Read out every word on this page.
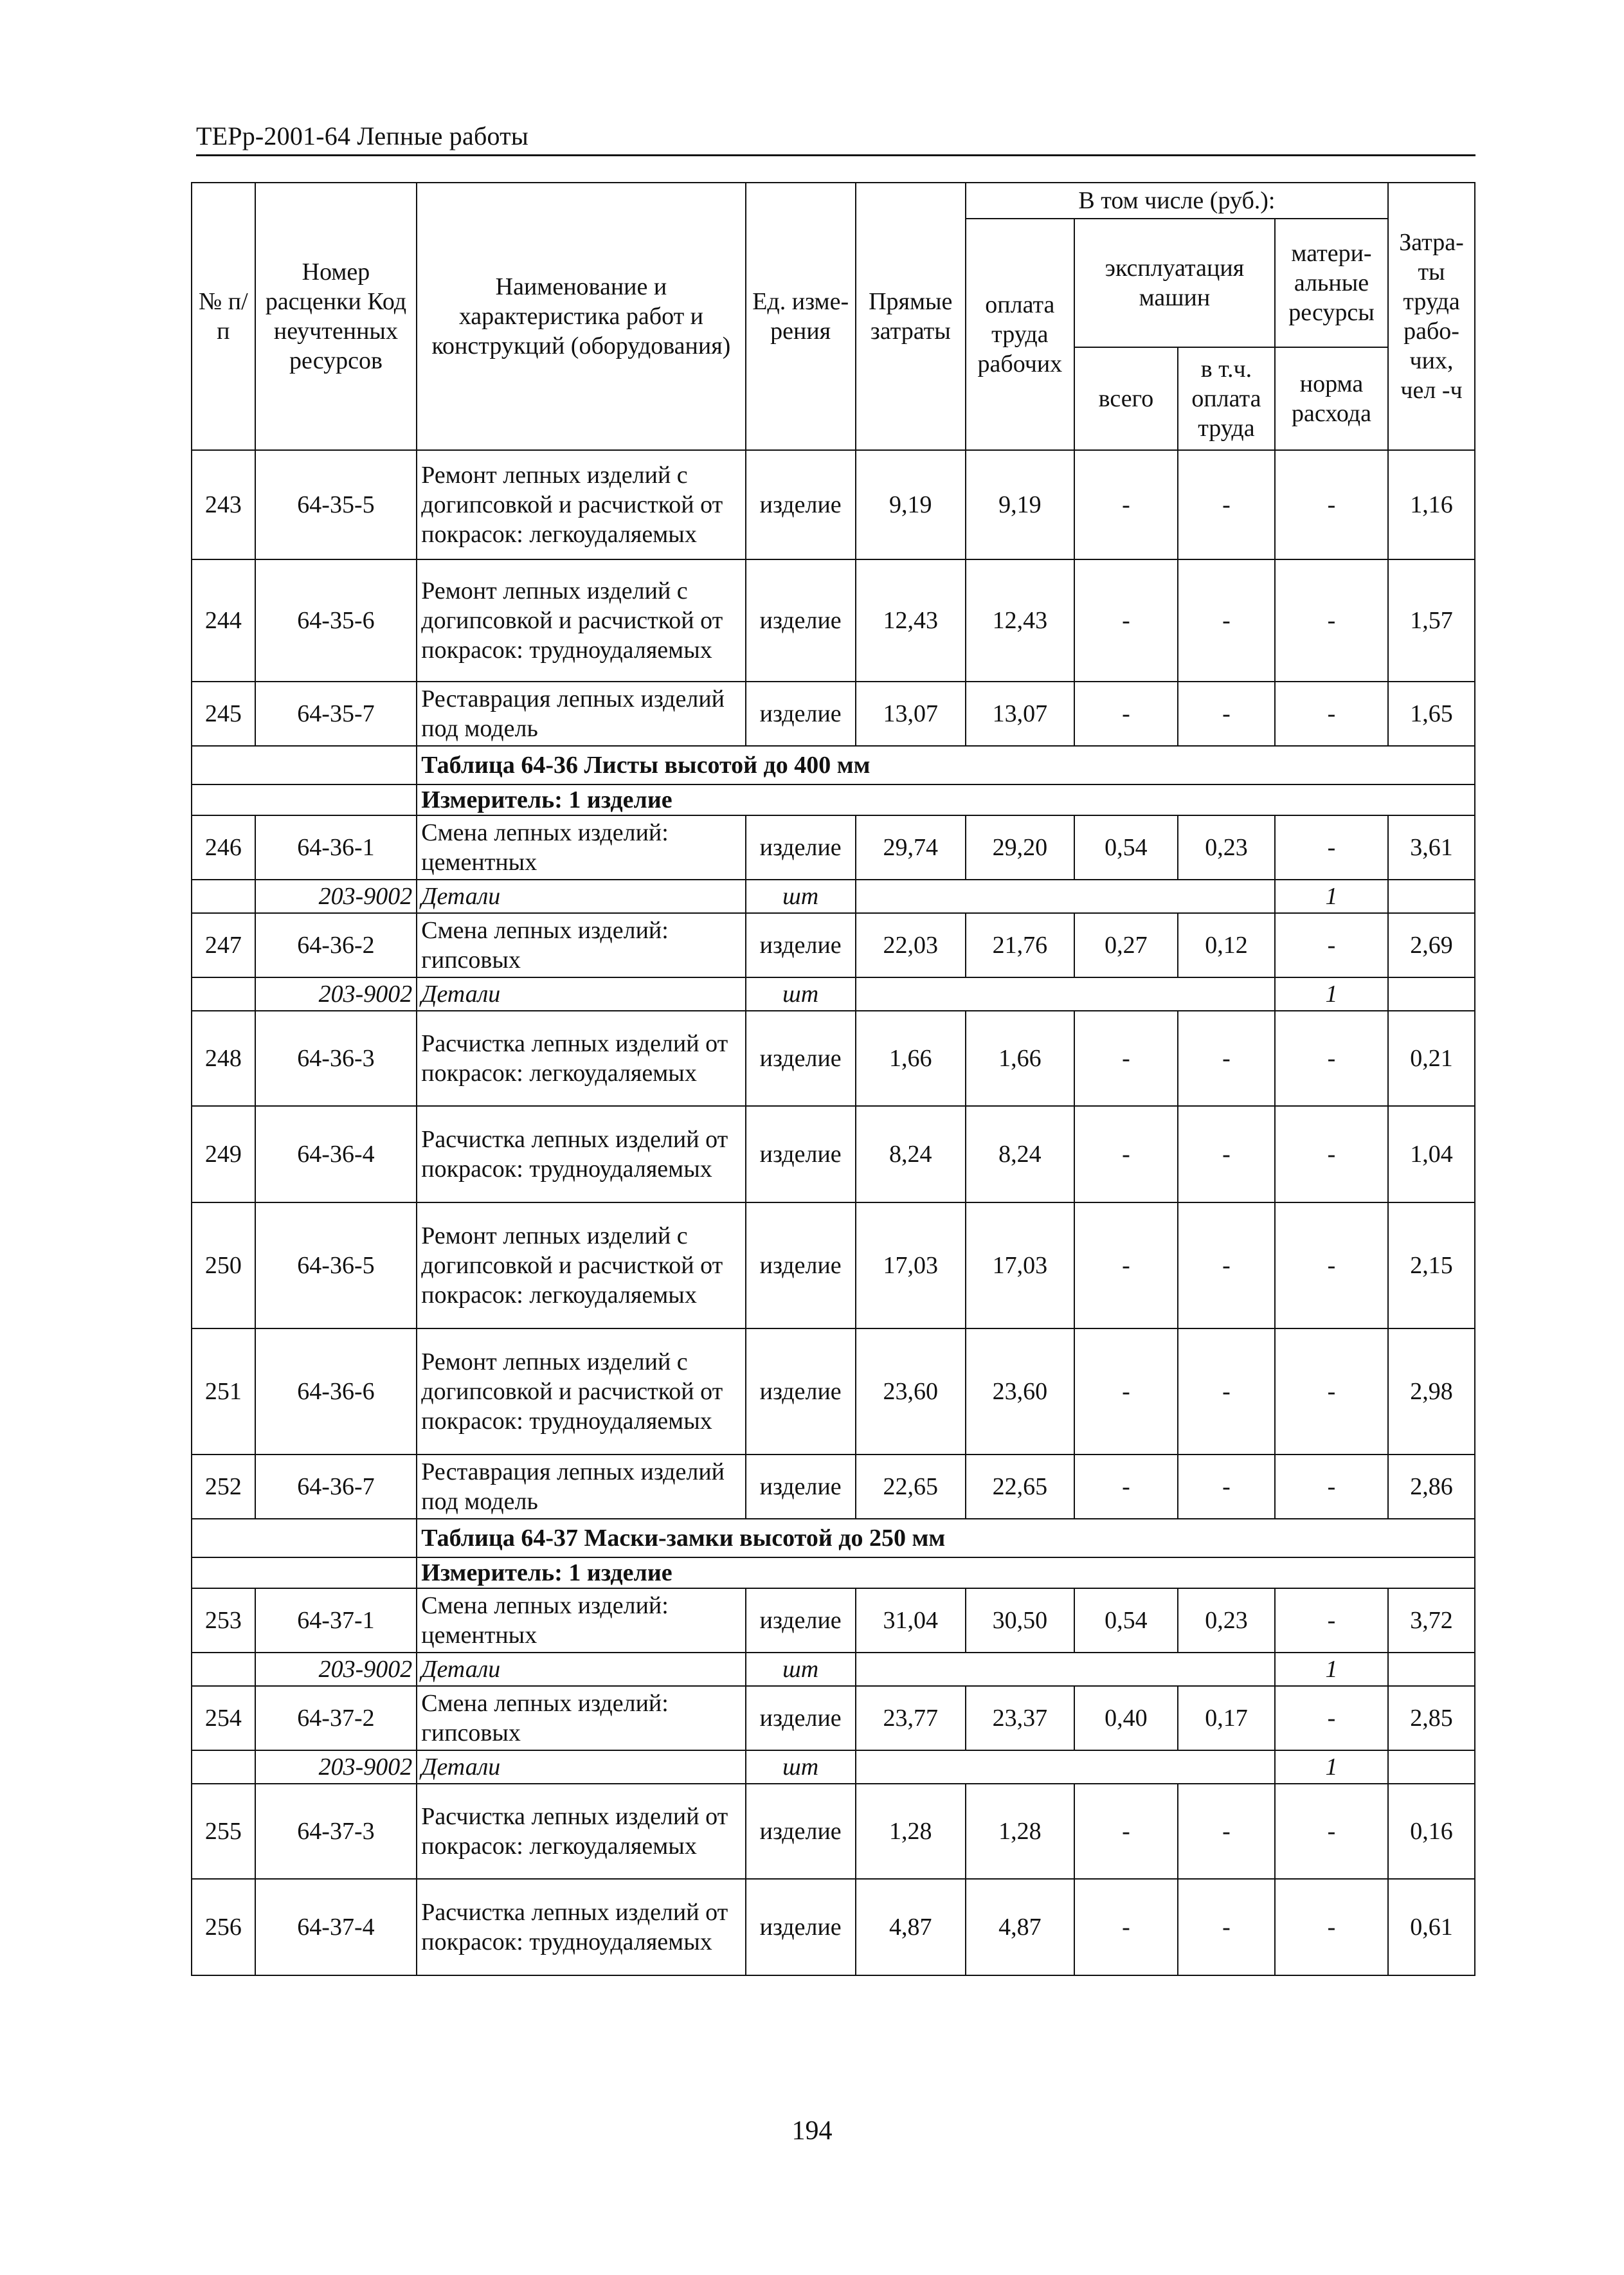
ТЕРр-2001-64 Лепные работы
№ п/п	Номер расценки Код неучтенных ресурсов	Наименование и характеристика работ и конструкций (оборудования)	Ед. изме-рения	Прямые затраты	В том числе (руб.):				Затра-ты труда рабо-чих, чел -ч
					оплата труда рабочих	эксплуатация машин		матери-альные ресурсы	
						всего	в т.ч. оплата труда	норма расхода	
243	64-35-5	Ремонт лепных изделий с догипсовкой и расчисткой от покрасок: легкоудаляемых	изделие	9,19	9,19	-	-	-	1,16
244	64-35-6	Ремонт лепных изделий с догипсовкой и расчисткой от покрасок: трудноудаляемых	изделие	12,43	12,43	-	-	-	1,57
245	64-35-7	Реставрация лепных изделий под модель	изделие	13,07	13,07	-	-	-	1,65
		Таблица 64-36 Листы высотой до 400 мм							
		Измеритель: 1 изделие							
246	64-36-1	Смена лепных изделий: цементных	изделие	29,74	29,20	0,54	0,23	-	3,61
	203-9002	Детали	шт					1	
247	64-36-2	Смена лепных изделий: гипсовых	изделие	22,03	21,76	0,27	0,12	-	2,69
	203-9002	Детали	шт					1	
248	64-36-3	Расчистка лепных изделий от покрасок: легкоудаляемых	изделие	1,66	1,66	-	-	-	0,21
249	64-36-4	Расчистка лепных изделий от покрасок: трудноудаляемых	изделие	8,24	8,24	-	-	-	1,04
250	64-36-5	Ремонт лепных изделий с догипсовкой и расчисткой от покрасок: легкоудаляемых	изделие	17,03	17,03	-	-	-	2,15
251	64-36-6	Ремонт лепных изделий с догипсовкой и расчисткой от покрасок: трудноудаляемых	изделие	23,60	23,60	-	-	-	2,98
252	64-36-7	Реставрация лепных изделий под модель	изделие	22,65	22,65	-	-	-	2,86
		Таблица 64-37 Маски-замки высотой до 250 мм							
		Измеритель: 1 изделие							
253	64-37-1	Смена лепных изделий: цементных	изделие	31,04	30,50	0,54	0,23	-	3,72
	203-9002	Детали	шт					1	
254	64-37-2	Смена лепных изделий: гипсовых	изделие	23,77	23,37	0,40	0,17	-	2,85
	203-9002	Детали	шт					1	
255	64-37-3	Расчистка лепных изделий от покрасок: легкоудаляемых	изделие	1,28	1,28	-	-	-	0,16
256	64-37-4	Расчистка лепных изделий от покрасок: трудноудаляемых	изделие	4,87	4,87	-	-	-	0,61
194
